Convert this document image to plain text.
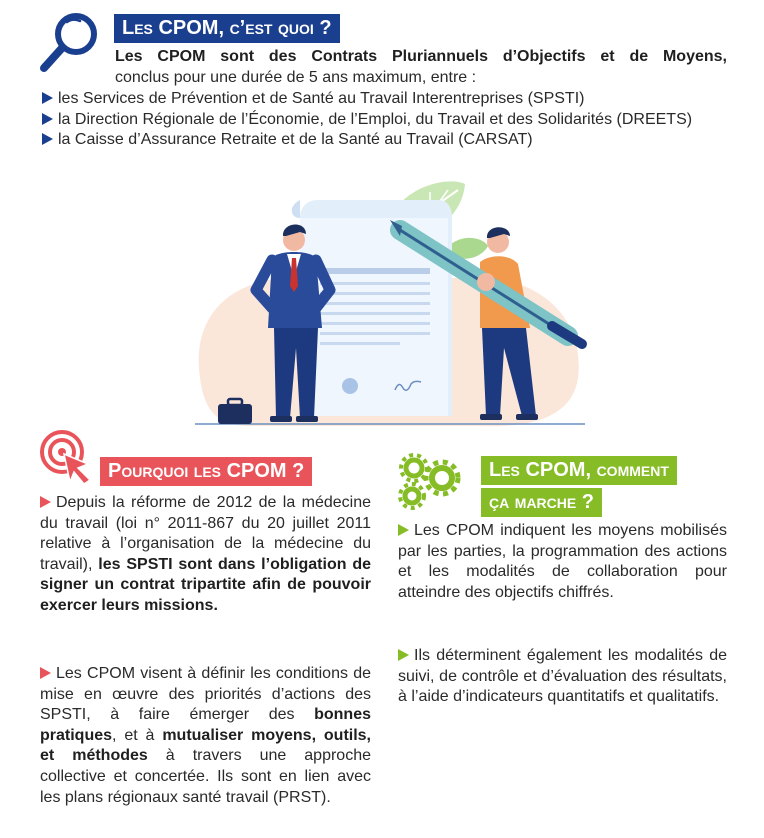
Les CPOM, c’est quoi ?
Les CPOM sont des Contrats Pluriannuels d’Objectifs et de Moyens,
conclus pour une durée de 5 ans maximum, entre :
les Services de Prévention et de Santé au Travail Interentreprises (SPSTI)
la Direction Régionale de l’Économie, de l’Emploi, du Travail et des Solidarités (DREETS)
la Caisse d’Assurance Retraite et de la Santé au Travail (CARSAT)
Pourquoi les CPOM ?
Depuis la réforme de 2012 de la médecine du travail (loi n° 2011-867 du 20 juillet 2011 relative à l’organisation de la médecine du travail), les SPSTI sont dans l’obligation de signer un contrat tripartite afin de pouvoir exercer leurs missions.
Les CPOM visent à définir les conditions de mise en œuvre des priorités d’actions des SPSTI, à faire émerger des bonnes pratiques, et à mutualiser moyens, outils, et méthodes à travers une approche collective et concertée. Ils sont en lien avec les plans régionaux santé travail (PRST).
Les CPOM, comment
ça marche ?
Les CPOM indiquent les moyens mobilisés par les parties, la programmation des actions et les modalités de collaboration pour atteindre des objectifs chiffrés.
Ils déterminent également les modalités de suivi, de contrôle et d’évaluation des résultats, à l’aide d’indicateurs quantitatifs et qualitatifs.
